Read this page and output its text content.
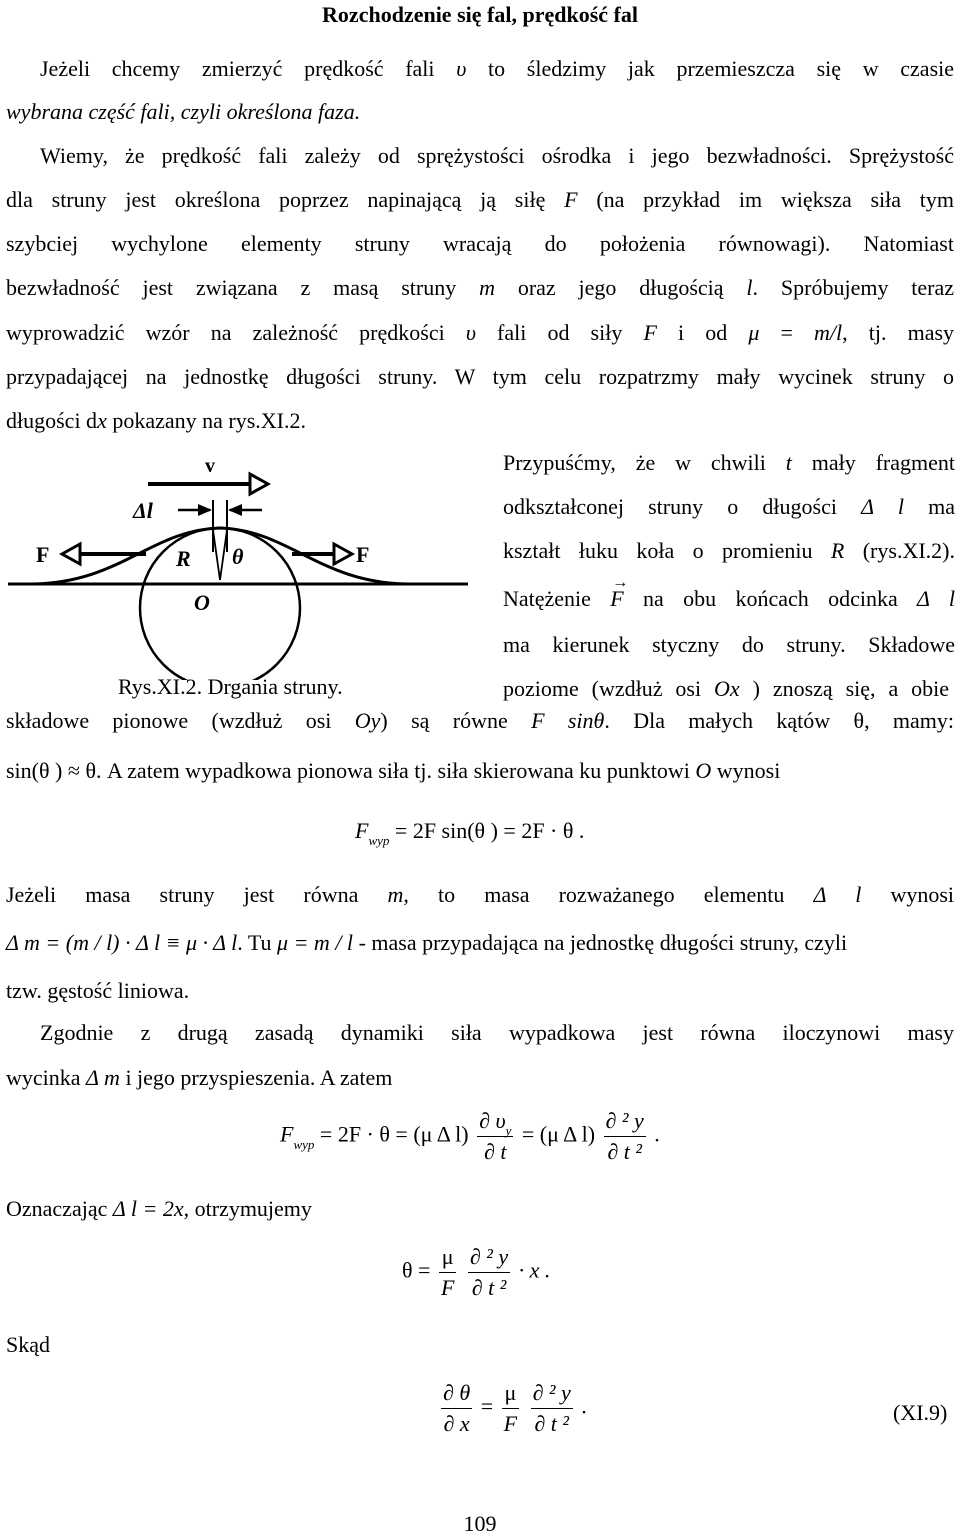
Rozchodzenie się fal, prędkość fal
Jeżeli chcemy zmierzyć prędkość fali υ to śledzimy jak przemieszcza się w czasie
wybrana część fali, czyli określona faza.
Wiemy, że prędkość fali zależy od sprężystości ośrodka i jego bezwładności. Sprężystość
dla struny jest określona poprzez napinającą ją siłę F (na przykład im większa siła tym
szybciej wychylone elementy struny wracają do położenia równowagi). Natomiast
bezwładność jest związana z masą struny m oraz jego długością l. Spróbujemy teraz
wyprowadzić wzór na zależność prędkości υ fali od siły F i od μ = m/l, tj. masy
przypadającej na jednostkę długości struny. W tym celu rozpatrzmy mały wycinek struny o
długości dx pokazany na rys.XI.2.
v
Δl
R θ
O
F	F
Rys.XI.2. Drgania struny.
Przypuśćmy, że w chwili t mały fragment
odkształconej struny o długości Δ l ma
kształt łuku koła o promieniu R (rys.XI.2).
Natężenie
→
F na obu końcach odcinka Δ l
ma kierunek styczny do struny. Składowe
poziome (wzdłuż osi Ox ) znoszą się, a obie
składowe pionowe (wzdłuż osi Oy) są równe F sinθ. Dla małych kątów θ, mamy:
sin(θ ) ≈ θ. A zatem wypadkowa pionowa siła tj. siła skierowana ku punktowi O wynosi
$F_{wyp} = 2F$ sin(θ ) = 2F · θ .
Jeżeli masa struny jest równa m, to masa rozważanego elementu Δ l wynosi
Δ m = (m / l) · Δ l ≡ μ · Δ l. Tu μ = m / l - masa przypadająca na jednostkę długości struny, czyli
tzw. gęstość liniowa.
Zgodnie z drugą zasadą dynamiki siła wypadkowa jest równa iloczynowi masy
wycinka Δ m i jego przyspieszenia. A zatem
$F_{wyp} = 2F \cdot \theta = (\mu$ Δ $l) \frac{\partial \upsilon_y}{\partial t} = (\mu$ Δ $l) \frac{\text{∂ ² y}}{\text{∂ t ²}}$ .
Oznaczając Δ l = 2x, otrzymujemy
$\theta = \frac{\mu}{F}$
$\frac{\text{∂ ² y}}{\text{∂ t ²}} \cdot x$ .
Skąd
$\frac{\partial \theta}{\partial x} = \frac{\mu}{F}$
$\frac{\text{∂ ² y}}{\text{∂ t ²}}$ .	(XI.9)
109
